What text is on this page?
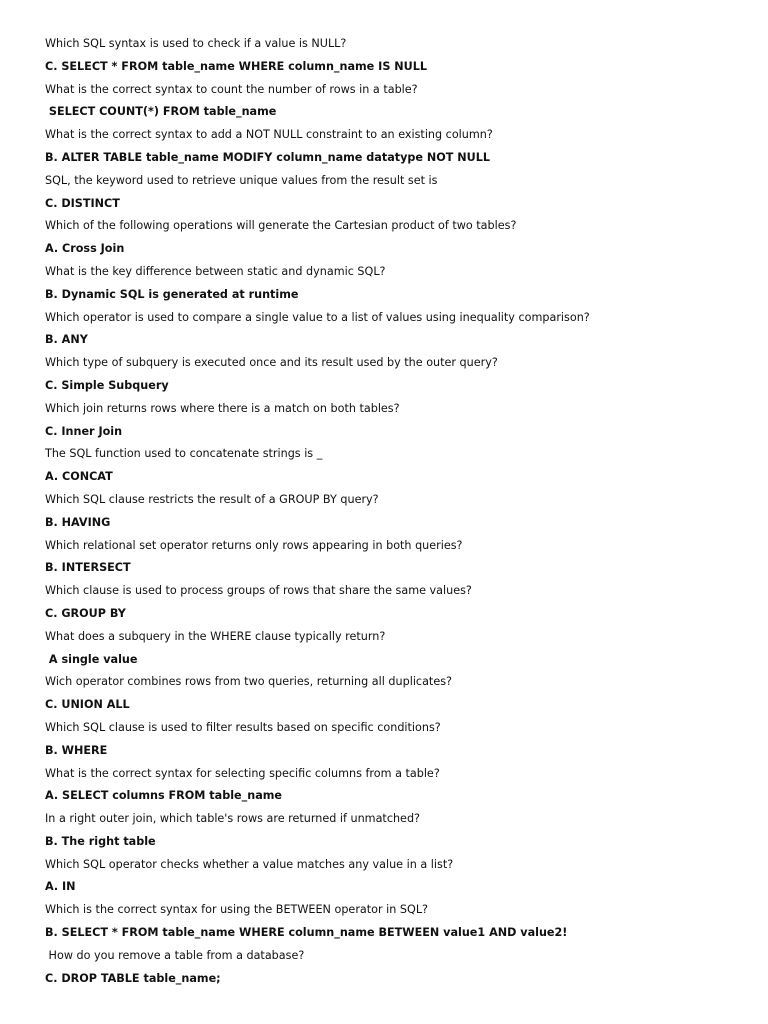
Which SQL syntax is used to check if a value is NULL?
C. SELECT * FROM table_name WHERE column_name IS NULL
What is the correct syntax to count the number of rows in a table?
SELECT COUNT(*) FROM table_name
What is the correct syntax to add a NOT NULL constraint to an existing column?
B. ALTER TABLE table_name MODIFY column_name datatype NOT NULL
SQL, the keyword used to retrieve unique values from the result set is
C. DISTINCT
Which of the following operations will generate the Cartesian product of two tables?
A. Cross Join
What is the key difference between static and dynamic SQL?
B. Dynamic SQL is generated at runtime
Which operator is used to compare a single value to a list of values using inequality comparison?
B. ANY
Which type of subquery is executed once and its result used by the outer query?
C. Simple Subquery
Which join returns rows where there is a match on both tables?
C. Inner Join
The SQL function used to concatenate strings is _
A. CONCAT
Which SQL clause restricts the result of a GROUP BY query?
B. HAVING
Which relational set operator returns only rows appearing in both queries?
B. INTERSECT
Which clause is used to process groups of rows that share the same values?
C. GROUP BY
What does a subquery in the WHERE clause typically return?
A single value
Wich operator combines rows from two queries, returning all duplicates?
C. UNION ALL
Which SQL clause is used to filter results based on specific conditions?
B. WHERE
What is the correct syntax for selecting specific columns from a table?
A. SELECT columns FROM table_name
In a right outer join, which table's rows are returned if unmatched?
B. The right table
Which SQL operator checks whether a value matches any value in a list?
A. IN
Which is the correct syntax for using the BETWEEN operator in SQL?
B. SELECT * FROM table_name WHERE column_name BETWEEN value1 AND value2!
How do you remove a table from a database?
C. DROP TABLE table_name;
